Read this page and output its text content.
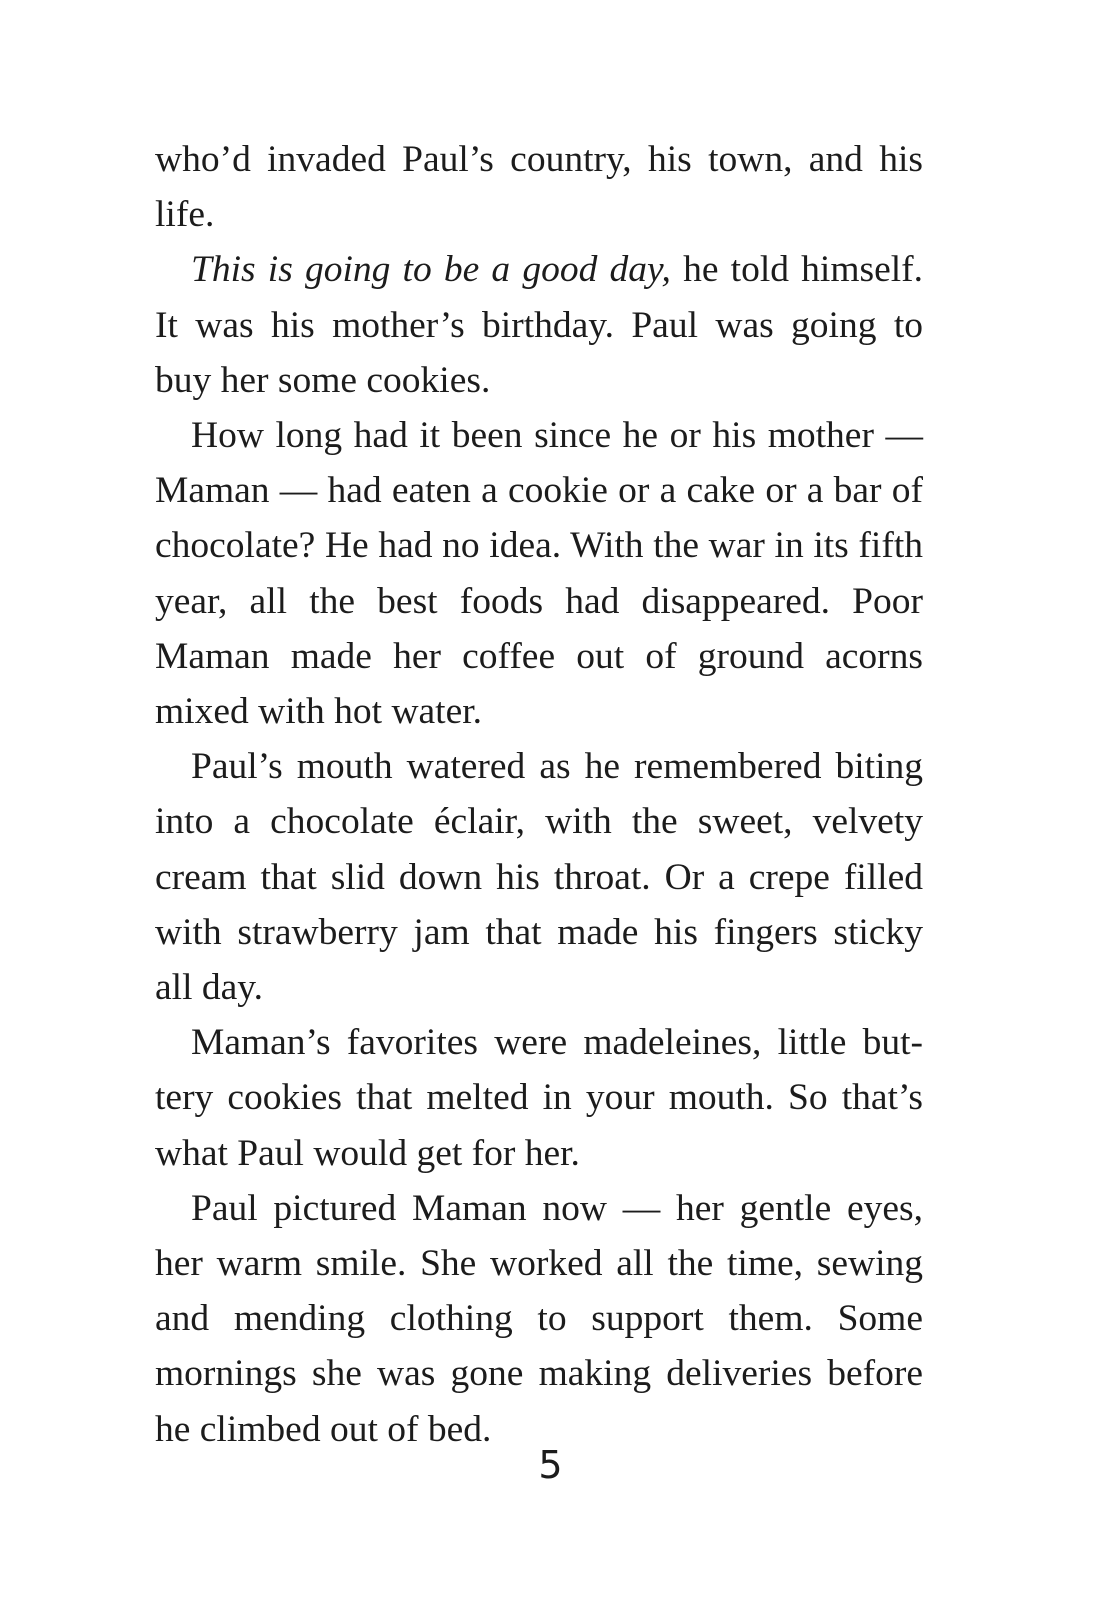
who’d invaded Paul’s country, his town, and his life.

This is going to be a good day, he told himself. It was his mother’s birthday. Paul was going to buy her some cookies.

How long had it been since he or his mother — Maman — had eaten a cookie or a cake or a bar of chocolate? He had no idea. With the war in its fifth year, all the best foods had disappeared. Poor Maman made her coffee out of ground acorns mixed with hot water.

Paul’s mouth watered as he remembered biting into a chocolate éclair, with the sweet, velvety cream that slid down his throat. Or a crepe filled with strawberry jam that made his fingers sticky all day.

Maman’s favorites were madeleines, little buttery cookies that melted in your mouth. So that’s what Paul would get for her.

Paul pictured Maman now — her gentle eyes, her warm smile. She worked all the time, sewing and mending clothing to support them. Some mornings she was gone making deliveries before he climbed out of bed.

5
